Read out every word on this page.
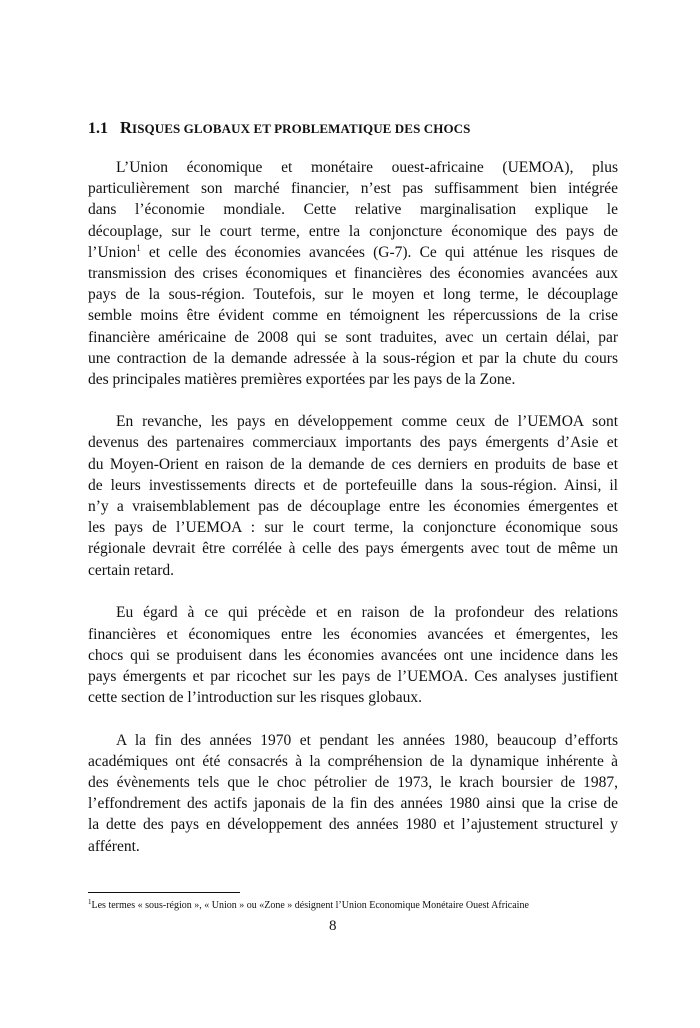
1.1 RISQUES GLOBAUX ET PROBLEMATIQUE DES CHOCS
L’Union économique et monétaire ouest-africaine (UEMOA), plus
particulièrement son marché financier, n’est pas suffisamment bien intégrée
dans l’économie mondiale. Cette relative marginalisation explique le
découplage, sur le court terme, entre la conjoncture économique des pays de
l’Union$^1$ et celle des économies avancées (G-7). Ce qui atténue les risques de
transmission des crises économiques et financières des économies avancées aux
pays de la sous-région. Toutefois, sur le moyen et long terme, le découplage
semble moins être évident comme en témoignent les répercussions de la crise
financière américaine de 2008 qui se sont traduites, avec un certain délai, par
une contraction de la demande adressée à la sous-région et par la chute du cours
des principales matières premières exportées par les pays de la Zone.
En revanche, les pays en développement comme ceux de l’UEMOA sont
devenus des partenaires commerciaux importants des pays émergents d’Asie et
du Moyen-Orient en raison de la demande de ces derniers en produits de base et
de leurs investissements directs et de portefeuille dans la sous-région. Ainsi, il
n’y a vraisemblablement pas de découplage entre les économies émergentes et
les pays de l’UEMOA : sur le court terme, la conjoncture économique sous
régionale devrait être corrélée à celle des pays émergents avec tout de même un
certain retard.
Eu égard à ce qui précède et en raison de la profondeur des relations
financières et économiques entre les économies avancées et émergentes, les
chocs qui se produisent dans les économies avancées ont une incidence dans les
pays émergents et par ricochet sur les pays de l’UEMOA. Ces analyses justifient
cette section de l’introduction sur les risques globaux.
A la fin des années 1970 et pendant les années 1980, beaucoup d’efforts
académiques ont été consacrés à la compréhension de la dynamique inhérente à
des évènements tels que le choc pétrolier de 1973, le krach boursier de 1987,
l’effondrement des actifs japonais de la fin des années 1980 ainsi que la crise de
la dette des pays en développement des années 1980 et l’ajustement structurel y
afférent.
$^1$Les termes « sous-région », « Union » ou «Zone » désignent l’Union Economique Monétaire Ouest Africaine
8
